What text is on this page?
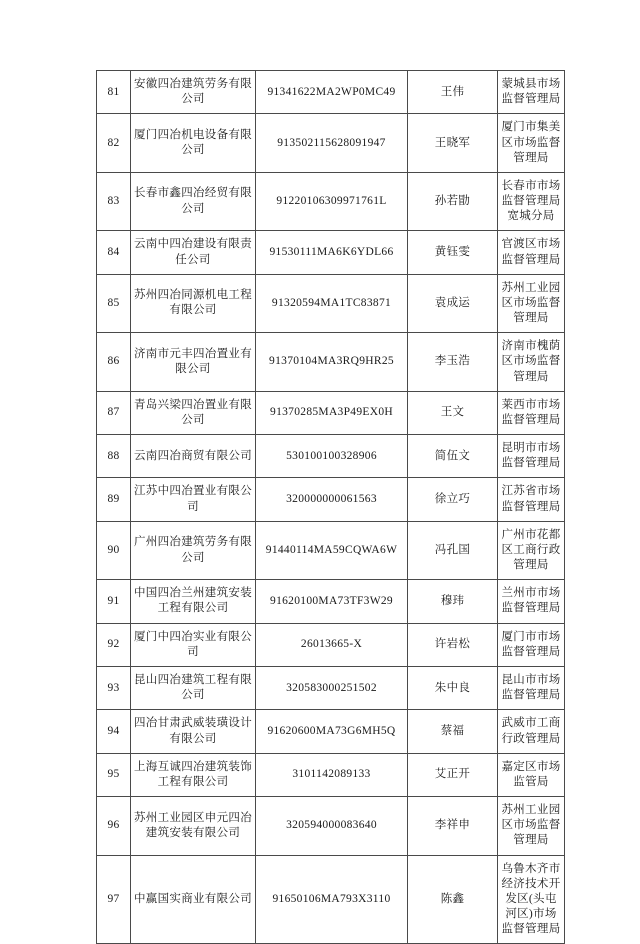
81	安徽四冶建筑劳务有限公司	91341622MA2WP0MC49	王伟	蒙城县市场监督管理局
82	厦门四冶机电设备有限公司	913502115628091947	王晓军	厦门市集美区市场监督管理局
83	长春市鑫四冶经贸有限公司	91220106309971761L	孙若勖	长春市市场监督管理局宽城分局
84	云南中四冶建设有限责任公司	91530111MA6K6YDL66	黄钰雯	官渡区市场监督管理局
85	苏州四冶同源机电工程有限公司	91320594MA1TC83871	袁成运	苏州工业园区市场监督管理局
86	济南市元丰四冶置业有限公司	91370104MA3RQ9HR25	李玉浩	济南市槐荫区市场监督管理局
87	青岛兴梁四冶置业有限公司	91370285MA3P49EX0H	王文	莱西市市场监督管理局
88	云南四冶商贸有限公司	530100100328906	简伍文	昆明市市场监督管理局
89	江苏中四冶置业有限公司	320000000061563	徐立巧	江苏省市场监督管理局
90	广州四冶建筑劳务有限公司	91440114MA59CQWA6W	冯孔国	广州市花都区工商行政管理局
91	中国四冶兰州建筑安装工程有限公司	91620100MA73TF3W29	穆玮	兰州市市场监督管理局
92	厦门中四冶实业有限公司	26013665-X	许岩松	厦门市市场监督管理局
93	昆山四冶建筑工程有限公司	320583000251502	朱中良	昆山市市场监督管理局
94	四冶甘肃武威装璜设计有限公司	91620600MA73G6MH5Q	蔡福	武威市工商行政管理局
95	上海互诚四冶建筑装饰工程有限公司	3101142089133	艾正开	嘉定区市场监管局
96	苏州工业园区申元四冶建筑安装有限公司	320594000083640	李祥申	苏州工业园区市场监督管理局
97	中赢国实商业有限公司	91650106MA793X3110	陈鑫	乌鲁木齐市经济技术开发区(头屯河区)市场监督管理局
